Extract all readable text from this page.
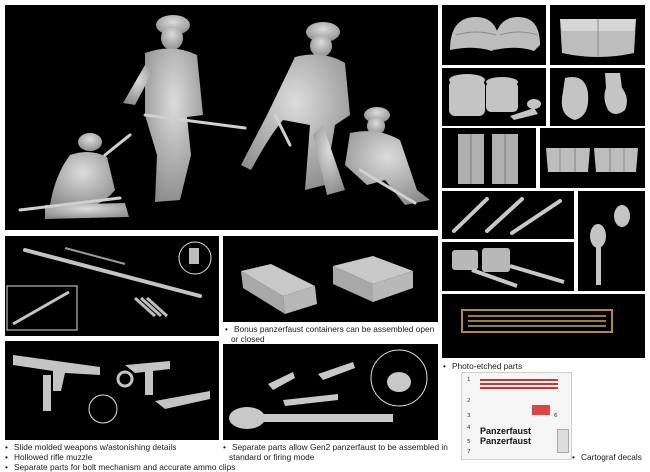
1
2
3
4
5
6
7
Panzerfaust
Panzerfaust
• Bonus panzerfaust containers can be assembled open
or closed
• Photo-etched parts
• Slide molded weapons w/astonishing details
• Hollowed rifle muzzle
• Separate parts for bolt mechanism and accurate ammo clips
• Separate parts allow Gen2 panzerfaust to be assembled in
standard or firing mode	• Cartograf decals
